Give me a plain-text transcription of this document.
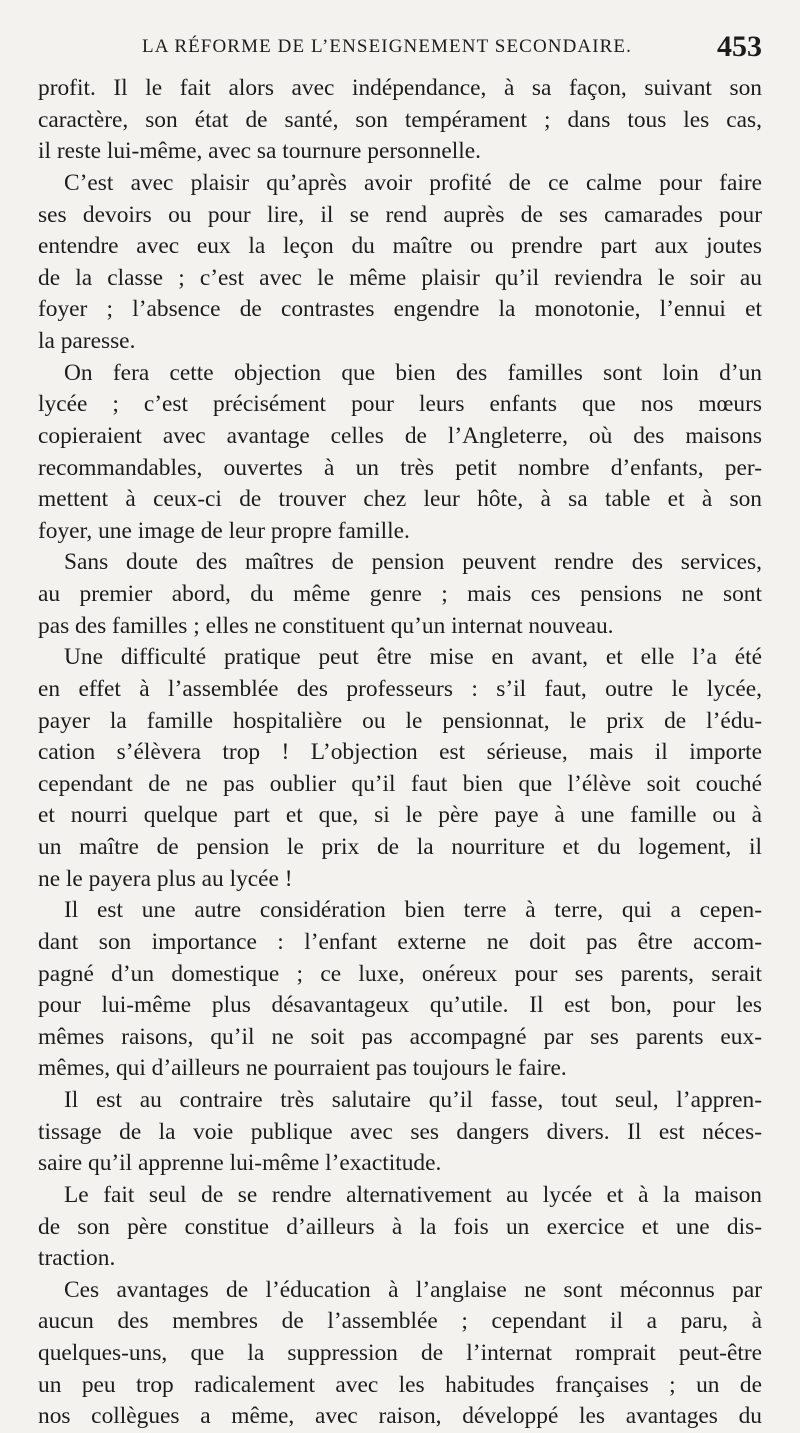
LA RÉFORME DE L’ENSEIGNEMENT SECONDAIRE.	453
profit. Il le fait alors avec indépendance, à sa façon, suivant son
caractère, son état de santé, son tempérament ; dans tous les cas,
il reste lui-même, avec sa tournure personnelle.
C’est avec plaisir qu’après avoir profité de ce calme pour faire
ses devoirs ou pour lire, il se rend auprès de ses camarades pour
entendre avec eux la leçon du maître ou prendre part aux joutes
de la classe ; c’est avec le même plaisir qu’il reviendra le soir au
foyer ; l’absence de contrastes engendre la monotonie, l’ennui et
la paresse.
On fera cette objection que bien des familles sont loin d’un
lycée ; c’est précisément pour leurs enfants que nos mœurs
copieraient avec avantage celles de l’Angleterre, où des maisons
recommandables, ouvertes à un très petit nombre d’enfants, per-
mettent à ceux-ci de trouver chez leur hôte, à sa table et à son
foyer, une image de leur propre famille.
Sans doute des maîtres de pension peuvent rendre des services,
au premier abord, du même genre ; mais ces pensions ne sont
pas des familles ; elles ne constituent qu’un internat nouveau.
Une difficulté pratique peut être mise en avant, et elle l’a été
en effet à l’assemblée des professeurs : s’il faut, outre le lycée,
payer la famille hospitalière ou le pensionnat, le prix de l’édu-
cation s’élèvera trop ! L’objection est sérieuse, mais il importe
cependant de ne pas oublier qu’il faut bien que l’élève soit couché
et nourri quelque part et que, si le père paye à une famille ou à
un maître de pension le prix de la nourriture et du logement, il
ne le payera plus au lycée !
Il est une autre considération bien terre à terre, qui a cepen-
dant son importance : l’enfant externe ne doit pas être accom-
pagné d’un domestique ; ce luxe, onéreux pour ses parents, serait
pour lui-même plus désavantageux qu’utile. Il est bon, pour les
mêmes raisons, qu’il ne soit pas accompagné par ses parents eux-
mêmes, qui d’ailleurs ne pourraient pas toujours le faire.
Il est au contraire très salutaire qu’il fasse, tout seul, l’appren-
tissage de la voie publique avec ses dangers divers. Il est néces-
saire qu’il apprenne lui-même l’exactitude.
Le fait seul de se rendre alternativement au lycée et à la maison
de son père constitue d’ailleurs à la fois un exercice et une dis-
traction.
Ces avantages de l’éducation à l’anglaise ne sont méconnus par
aucun des membres de l’assemblée ; cependant il a paru, à
quelques-uns, que la suppression de l’internat romprait peut-être
un peu trop radicalement avec les habitudes françaises ; un de
nos collègues a même, avec raison, développé les avantages du
